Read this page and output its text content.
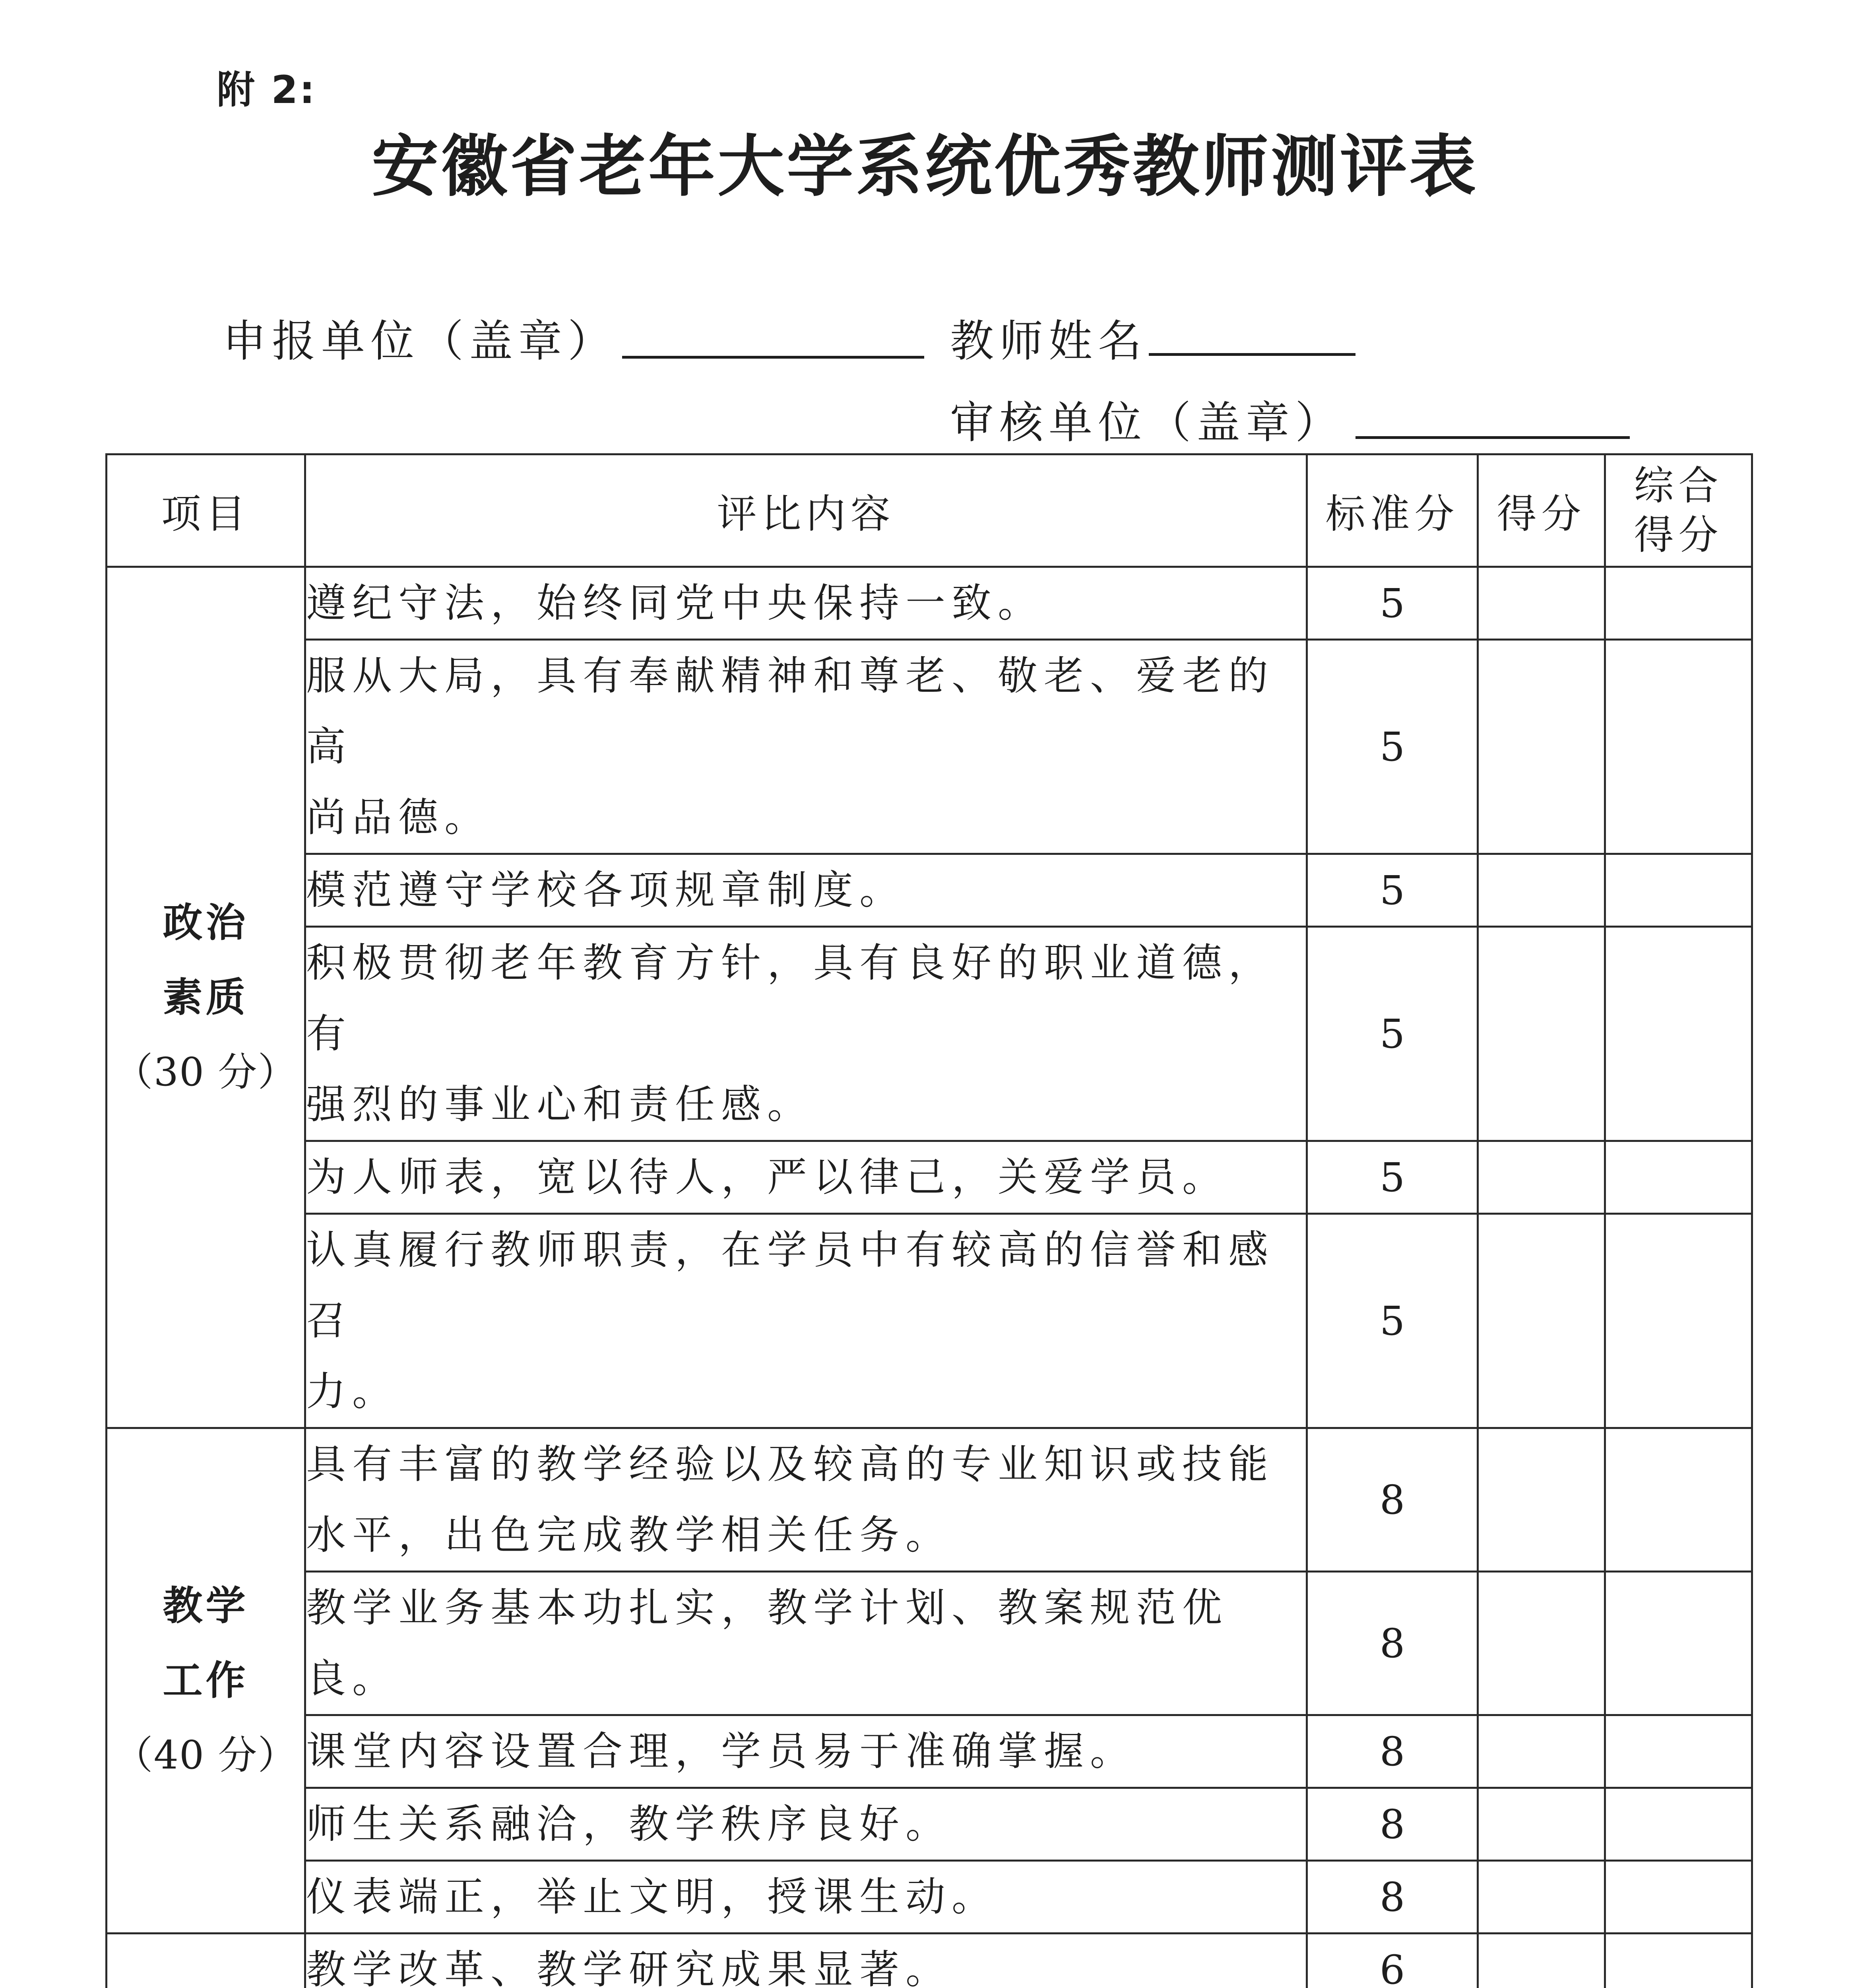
附 2:
安徽省老年大学系统优秀教师测评表
申报单位（盖章）	教师姓名
审核单位（盖章）
项目	评比内容	标准分	得分	综合
得分

政治
素质
（30 分）	遵纪守法，始终同党中央保持一致。	5		
	服从大局，具有奉献精神和尊老、敬老、爱老的高
尚品德。	5		
	模范遵守学校各项规章制度。	5		
	积极贯彻老年教育方针，具有良好的职业道德，有
强烈的事业心和责任感。	5		
	为人师表，宽以待人，严以律己，关爱学员。	5		
	认真履行教师职责，在学员中有较高的信誉和感召
力。	5		

教学
工作
（40 分）	具有丰富的教学经验以及较高的专业知识或技能
水平，出色完成教学相关任务。	8		
	教学业务基本功扎实，教学计划、教案规范优良。	8		
	课堂内容设置合理，学员易于准确掌握。	8		
	师生关系融洽，教学秩序良好。	8		
	仪表端正，举止文明，授课生动。	8		

	教学改革、教学研究成果显著。	6		
